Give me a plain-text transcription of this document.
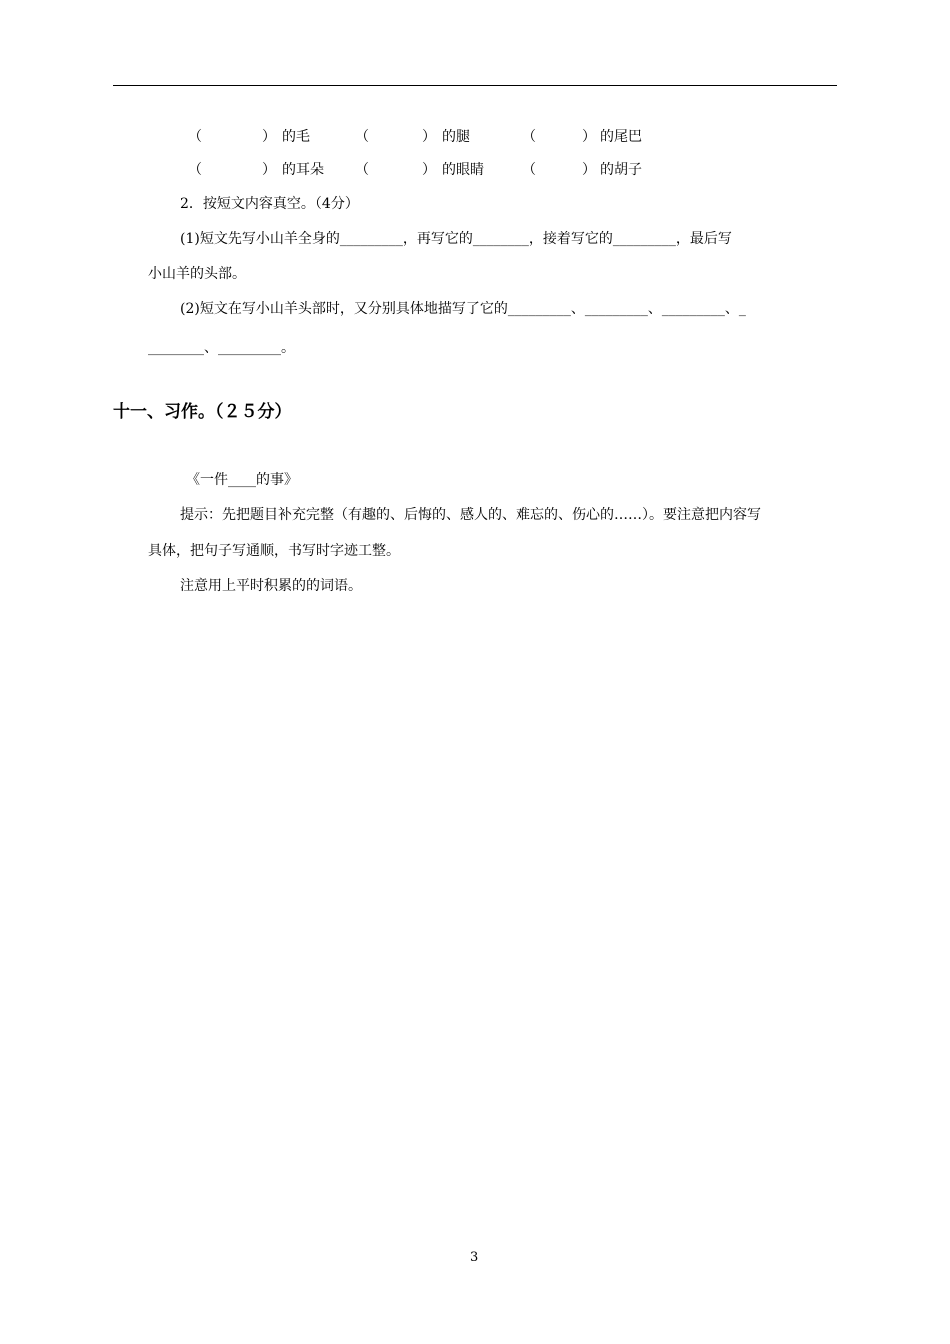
（	） 的毛	（	） 的腿	（	） 的尾巴
（	） 的耳朵 （	） 的眼睛	（	） 的胡子
2．按短文内容真空。（4分）
(1)短文先写小山羊全身的_________，再写它的________，接着写它的_________，最后写
小山羊的头部。
(2)短文在写小山羊头部时，又分别具体地描写了它的_________、_________、_________、_
________、_________。
十一、习作。（２５分）
《一件____的事》
提示：先把题目补充完整（有趣的、后悔的、感人的、难忘的、伤心的……）。要注意把内容写
具体，把句子写通顺，书写时字迹工整。
注意用上平时积累的的词语。
3
